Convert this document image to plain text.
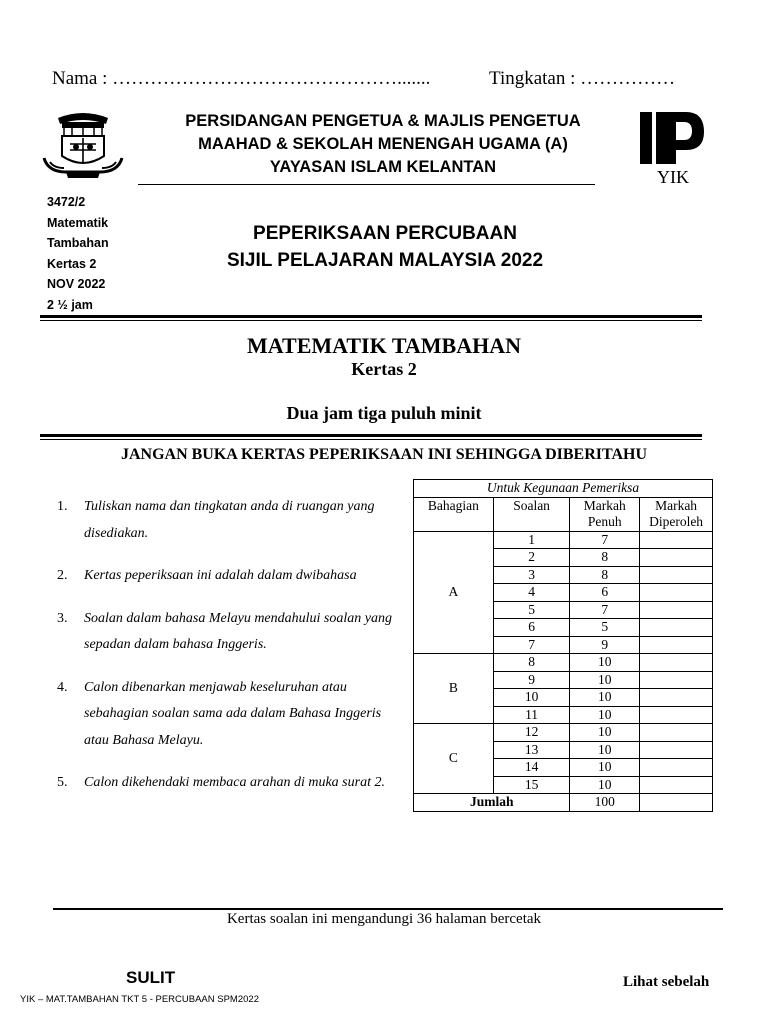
Nama : ……………………………………….......	Tingkatan : ……………
YIK
PERSIDANGAN PENGETUA & MAJLIS PENGETUA
MAAHAD & SEKOLAH MENENGAH UGAMA (A)
YAYASAN ISLAM KELANTAN
3472/2
Matematik
Tambahan
Kertas 2
NOV 2022
2 ½ jam
PEPERIKSAAN PERCUBAAN
SIJIL PELAJARAN MALAYSIA 2022
MATEMATIK TAMBAHAN
Kertas 2
Dua jam tiga puluh minit
JANGAN BUKA KERTAS PEPERIKSAAN INI SEHINGGA DIBERITAHU
1. Tuliskan nama dan tingkatan anda di ruangan yang disediakan.
2. Kertas peperiksaan ini adalah dalam dwibahasa
3. Soalan dalam bahasa Melayu mendahului soalan yang sepadan dalam bahasa Inggeris.
4. Calon dibenarkan menjawab keseluruhan atau sebahagian soalan sama ada dalam Bahasa Inggeris atau Bahasa Melayu.
5. Calon dikehendaki membaca arahan di muka surat 2.
Untuk Kegunaan Pemeriksa			
Bahagian	Soalan	Markah Penuh	Markah Diperoleh
A	1	7	
	2	8	
	3	8	
	4	6	
	5	7	
	6	5	
	7	9	
B	8	10	
	9	10	
	10	10	
	11	10	
C	12	10	
	13	10	
	14	10	
	15	10	
Jumlah		100	
Kertas soalan ini mengandungi 36 halaman bercetak
SULIT	Lihat sebelah
YIK – MAT.TAMBAHAN TKT 5 - PERCUBAAN SPM2022
